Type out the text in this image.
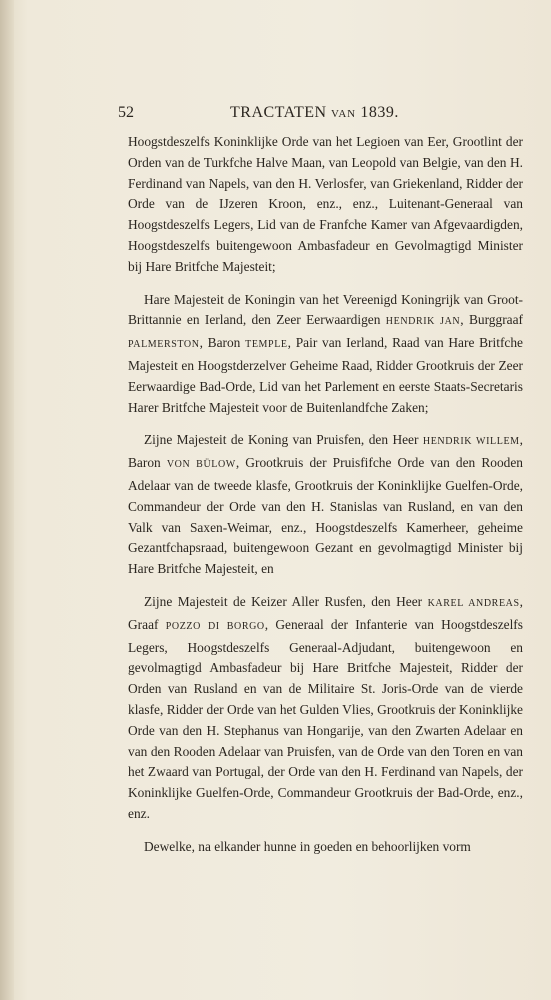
52	TRACTATEN VAN 1839.

Hoogstdeszelfs Koninklijke Orde van het Legioen van Eer, Grootlint der Orden van de Turkfche Halve Maan, van Leopold van Belgie, van den H. Ferdinand van Napels, van den H. Verlosfer, van Griekenland, Ridder der Orde van de IJzeren Kroon, enz., enz., Luitenant-Generaal van Hoogstdeszelfs Legers, Lid van de Franfche Kamer van Afgevaardigden, Hoogstdeszelfs buitengewoon Ambasfadeur en Gevolmagtigd Minister bij Hare Britfche Majesteit;

Hare Majesteit de Koningin van het Vereenigd Koningrijk van Groot-Brittannie en Ierland, den Zeer Eerwaardigen HENDRIK JAN, Burggraaf PALMERSTON, Baron TEMPLE, Pair van Ierland, Raad van Hare Britfche Majesteit en Hoogstderzelver Geheime Raad, Ridder Grootkruis der Zeer Eerwaardige Bad-Orde, Lid van het Parlement en eerste Staats-Secretaris Harer Britfche Majesteit voor de Buitenlandfche Zaken;

Zijne Majesteit de Koning van Pruisfen, den Heer HENDRIK WILLEM, Baron VON BÜLOW, Grootkruis der Pruisfifche Orde van den Rooden Adelaar van de tweede klasfe, Grootkruis der Koninklijke Guelfen-Orde, Commandeur der Orde van den H. Stanislas van Rusland, en van den Valk van Saxen-Weimar, enz., Hoogstdeszelfs Kamerheer, geheime Gezantfchapsraad, buitengewoon Gezant en gevolmagtigd Minister bij Hare Britfche Majesteit, en

Zijne Majesteit de Keizer Aller Rusfen, den Heer KAREL ANDREAS, Graaf POZZO DI BORGO, Generaal der Infanterie van Hoogstdeszelfs Legers, Hoogstdeszelfs Generaal-Adjudant, buitengewoon en gevolmagtigd Ambasfadeur bij Hare Britfche Majesteit, Ridder der Orden van Rusland en van de Militaire St. Joris-Orde van de vierde klasfe, Ridder der Orde van het Gulden Vlies, Grootkruis der Koninklijke Orde van den H. Stephanus van Hongarije, van den Zwarten Adelaar en van den Rooden Adelaar van Pruisfen, van de Orde van den Toren en van het Zwaard van Portugal, der Orde van den H. Ferdinand van Napels, der Koninklijke Guelfen-Orde, Commandeur Grootkruis der Bad-Orde, enz., enz.

Dewelke, na elkander hunne in goeden en behoorlijken vorm
